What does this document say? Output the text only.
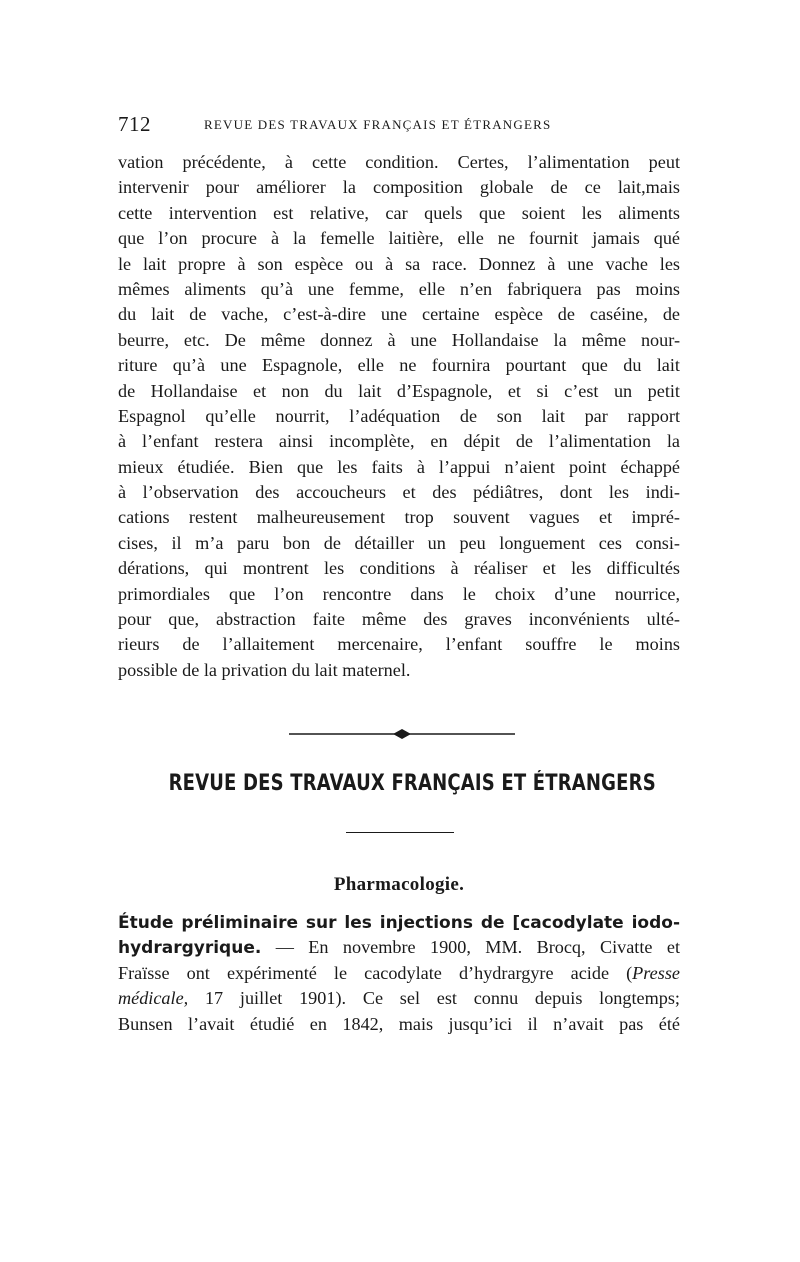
712	REVUE DES TRAVAUX FRANÇAIS ET ÉTRANGERS
vation précédente, à cette condition. Certes, l’alimentation peut
intervenir pour améliorer la composition globale de ce lait,mais
cette intervention est relative, car quels que soient les aliments
que l’on procure à la femelle laitière, elle ne fournit jamais qué
le lait propre à son espèce ou à sa race. Donnez à une vache les
mêmes aliments qu’à une femme, elle n’en fabriquera pas moins
du lait de vache, c’est-à-dire une certaine espèce de caséine, de
beurre, etc. De même donnez à une Hollandaise la même nour-
riture qu’à une Espagnole, elle ne fournira pourtant que du lait
de Hollandaise et non du lait d’Espagnole, et si c’est un petit
Espagnol qu’elle nourrit, l’adéquation de son lait par rapport
à l’enfant restera ainsi incomplète, en dépit de l’alimentation la
mieux étudiée. Bien que les faits à l’appui n’aient point échappé
à l’observation des accoucheurs et des pédiâtres, dont les indi-
cations restent malheureusement trop souvent vagues et impré-
cises, il m’a paru bon de détailler un peu longuement ces consi-
dérations, qui montrent les conditions à réaliser et les difficultés
primordiales que l’on rencontre dans le choix d’une nourrice,
pour que, abstraction faite même des graves inconvénients ulté-
rieurs de l’allaitement mercenaire, l’enfant souffre le moins
possible de la privation du lait maternel.
REVUE DES TRAVAUX FRANÇAIS ET ÉTRANGERS
Pharmacologie.
Étude préliminaire sur les injections de [cacodylate iodo-
hydrargyrique. — En novembre 1900, MM. Brocq, Civatte et
Fraïsse ont expérimenté le cacodylate d’hydrargyre acide (Presse
médicale, 17 juillet 1901). Ce sel est connu depuis longtemps;
Bunsen l’avait étudié en 1842, mais jusqu’ici il n’avait pas été
